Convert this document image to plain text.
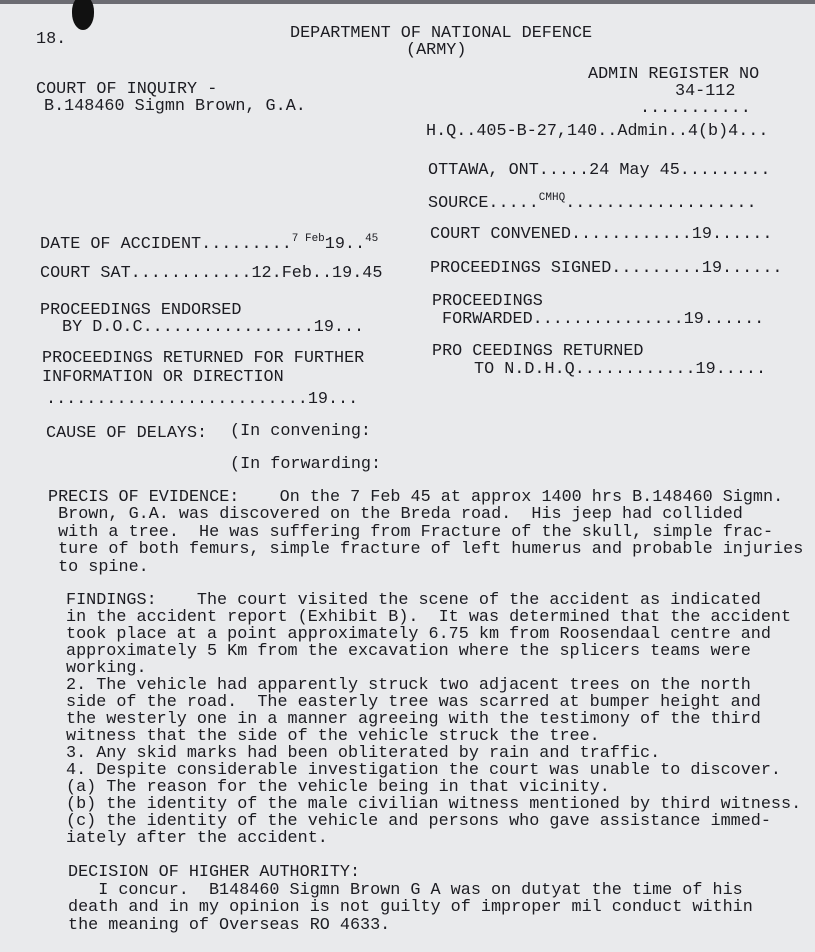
18.	DEPARTMENT OF NATIONAL DEFENCE
(ARMY)
COURT OF INQUIRY -
B.148460 Sigmn Brown, G.A.
ADMIN REGISTER NO
34-112
...........
H.Q..405-B-27,140..Admin..4(b)4...
OTTAWA, ONT.....24 May 45.........
SOURCE.....$^{CMHQ}$...................
DATE OF ACCIDENT.........$^{7 Feb}$19..$^{45}$
COURT SAT............12.Feb..19.45
PROCEEDINGS ENDORSED
BY D.O.C.................19...
PROCEEDINGS RETURNED FOR FURTHER
INFORMATION OR DIRECTION
..........................19...
COURT CONVENED............19......
PROCEEDINGS SIGNED.........19......
PROCEEDINGS
FORWARDED...............19......
PRO CEEDINGS RETURNED
TO N.D.H.Q............19.....
CAUSE OF DELAYS: (In convening:
(In forwarding:
PRECIS OF EVIDENCE:    On the 7 Feb 45 at approx 1400 hrs B.148460 Sigmn.
Brown, G.A. was discovered on the Breda road.  His jeep had collided
with a tree.  He was suffering from Fracture of the skull, simple frac-
ture of both femurs, simple fracture of left humerus and probable injuries
to spine.
FINDINGS:    The court visited the scene of the accident as indicated
in the accident report (Exhibit B).  It was determined that the accident
took place at a point approximately 6.75 km from Roosendaal centre and
approximately 5 Km from the excavation where the splicers teams were
working.
2. The vehicle had apparently struck two adjacent trees on the north
side of the road.  The easterly tree was scarred at bumper height and
the westerly one in a manner agreeing with the testimony of the third
witness that the side of the vehicle struck the tree.
3. Any skid marks had been obliterated by rain and traffic.
4. Despite considerable investigation the court was unable to discover.
(a) The reason for the vehicle being in that vicinity.
(b) the identity of the male civilian witness mentioned by third witness.
(c) the identity of the vehicle and persons who gave assistance immed-
iately after the accident.
DECISION OF HIGHER AUTHORITY:
I concur.  B148460 Sigmn Brown G A was on dutyat the time of his
death and in my opinion is not guilty of improper mil conduct within
the meaning of Overseas RO 4633.
